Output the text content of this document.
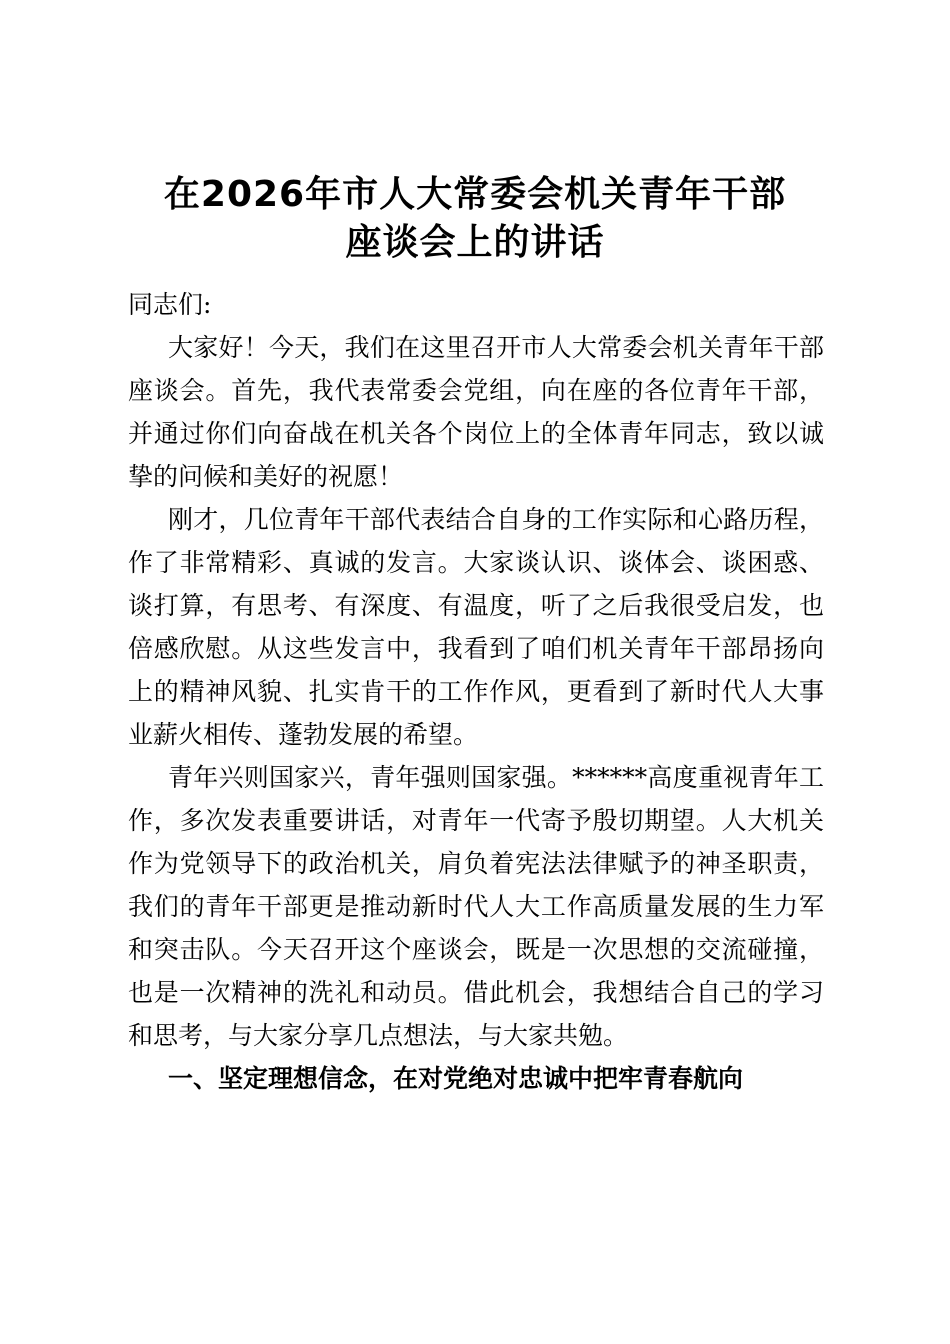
在2026年市人大常委会机关青年干部
座谈会上的讲话

同志们:

大家好！今天，我们在这里召开市人大常委会机关青年干部座谈会。首先，我代表常委会党组，向在座的各位青年干部，并通过你们向奋战在机关各个岗位上的全体青年同志，致以诚挚的问候和美好的祝愿！

刚才，几位青年干部代表结合自身的工作实际和心路历程，作了非常精彩、真诚的发言。大家谈认识、谈体会、谈困惑、谈打算，有思考、有深度、有温度，听了之后我很受启发，也倍感欣慰。从这些发言中，我看到了咱们机关青年干部昂扬向上的精神风貌、扎实肯干的工作作风，更看到了新时代人大事业薪火相传、蓬勃发展的希望。

青年兴则国家兴，青年强则国家强。******高度重视青年工作，多次发表重要讲话，对青年一代寄予殷切期望。人大机关作为党领导下的政治机关，肩负着宪法法律赋予的神圣职责，我们的青年干部更是推动新时代人大工作高质量发展的生力军和突击队。今天召开这个座谈会，既是一次思想的交流碰撞，也是一次精神的洗礼和动员。借此机会，我想结合自己的学习和思考，与大家分享几点想法，与大家共勉。

一、坚定理想信念，在对党绝对忠诚中把牢青春航向
